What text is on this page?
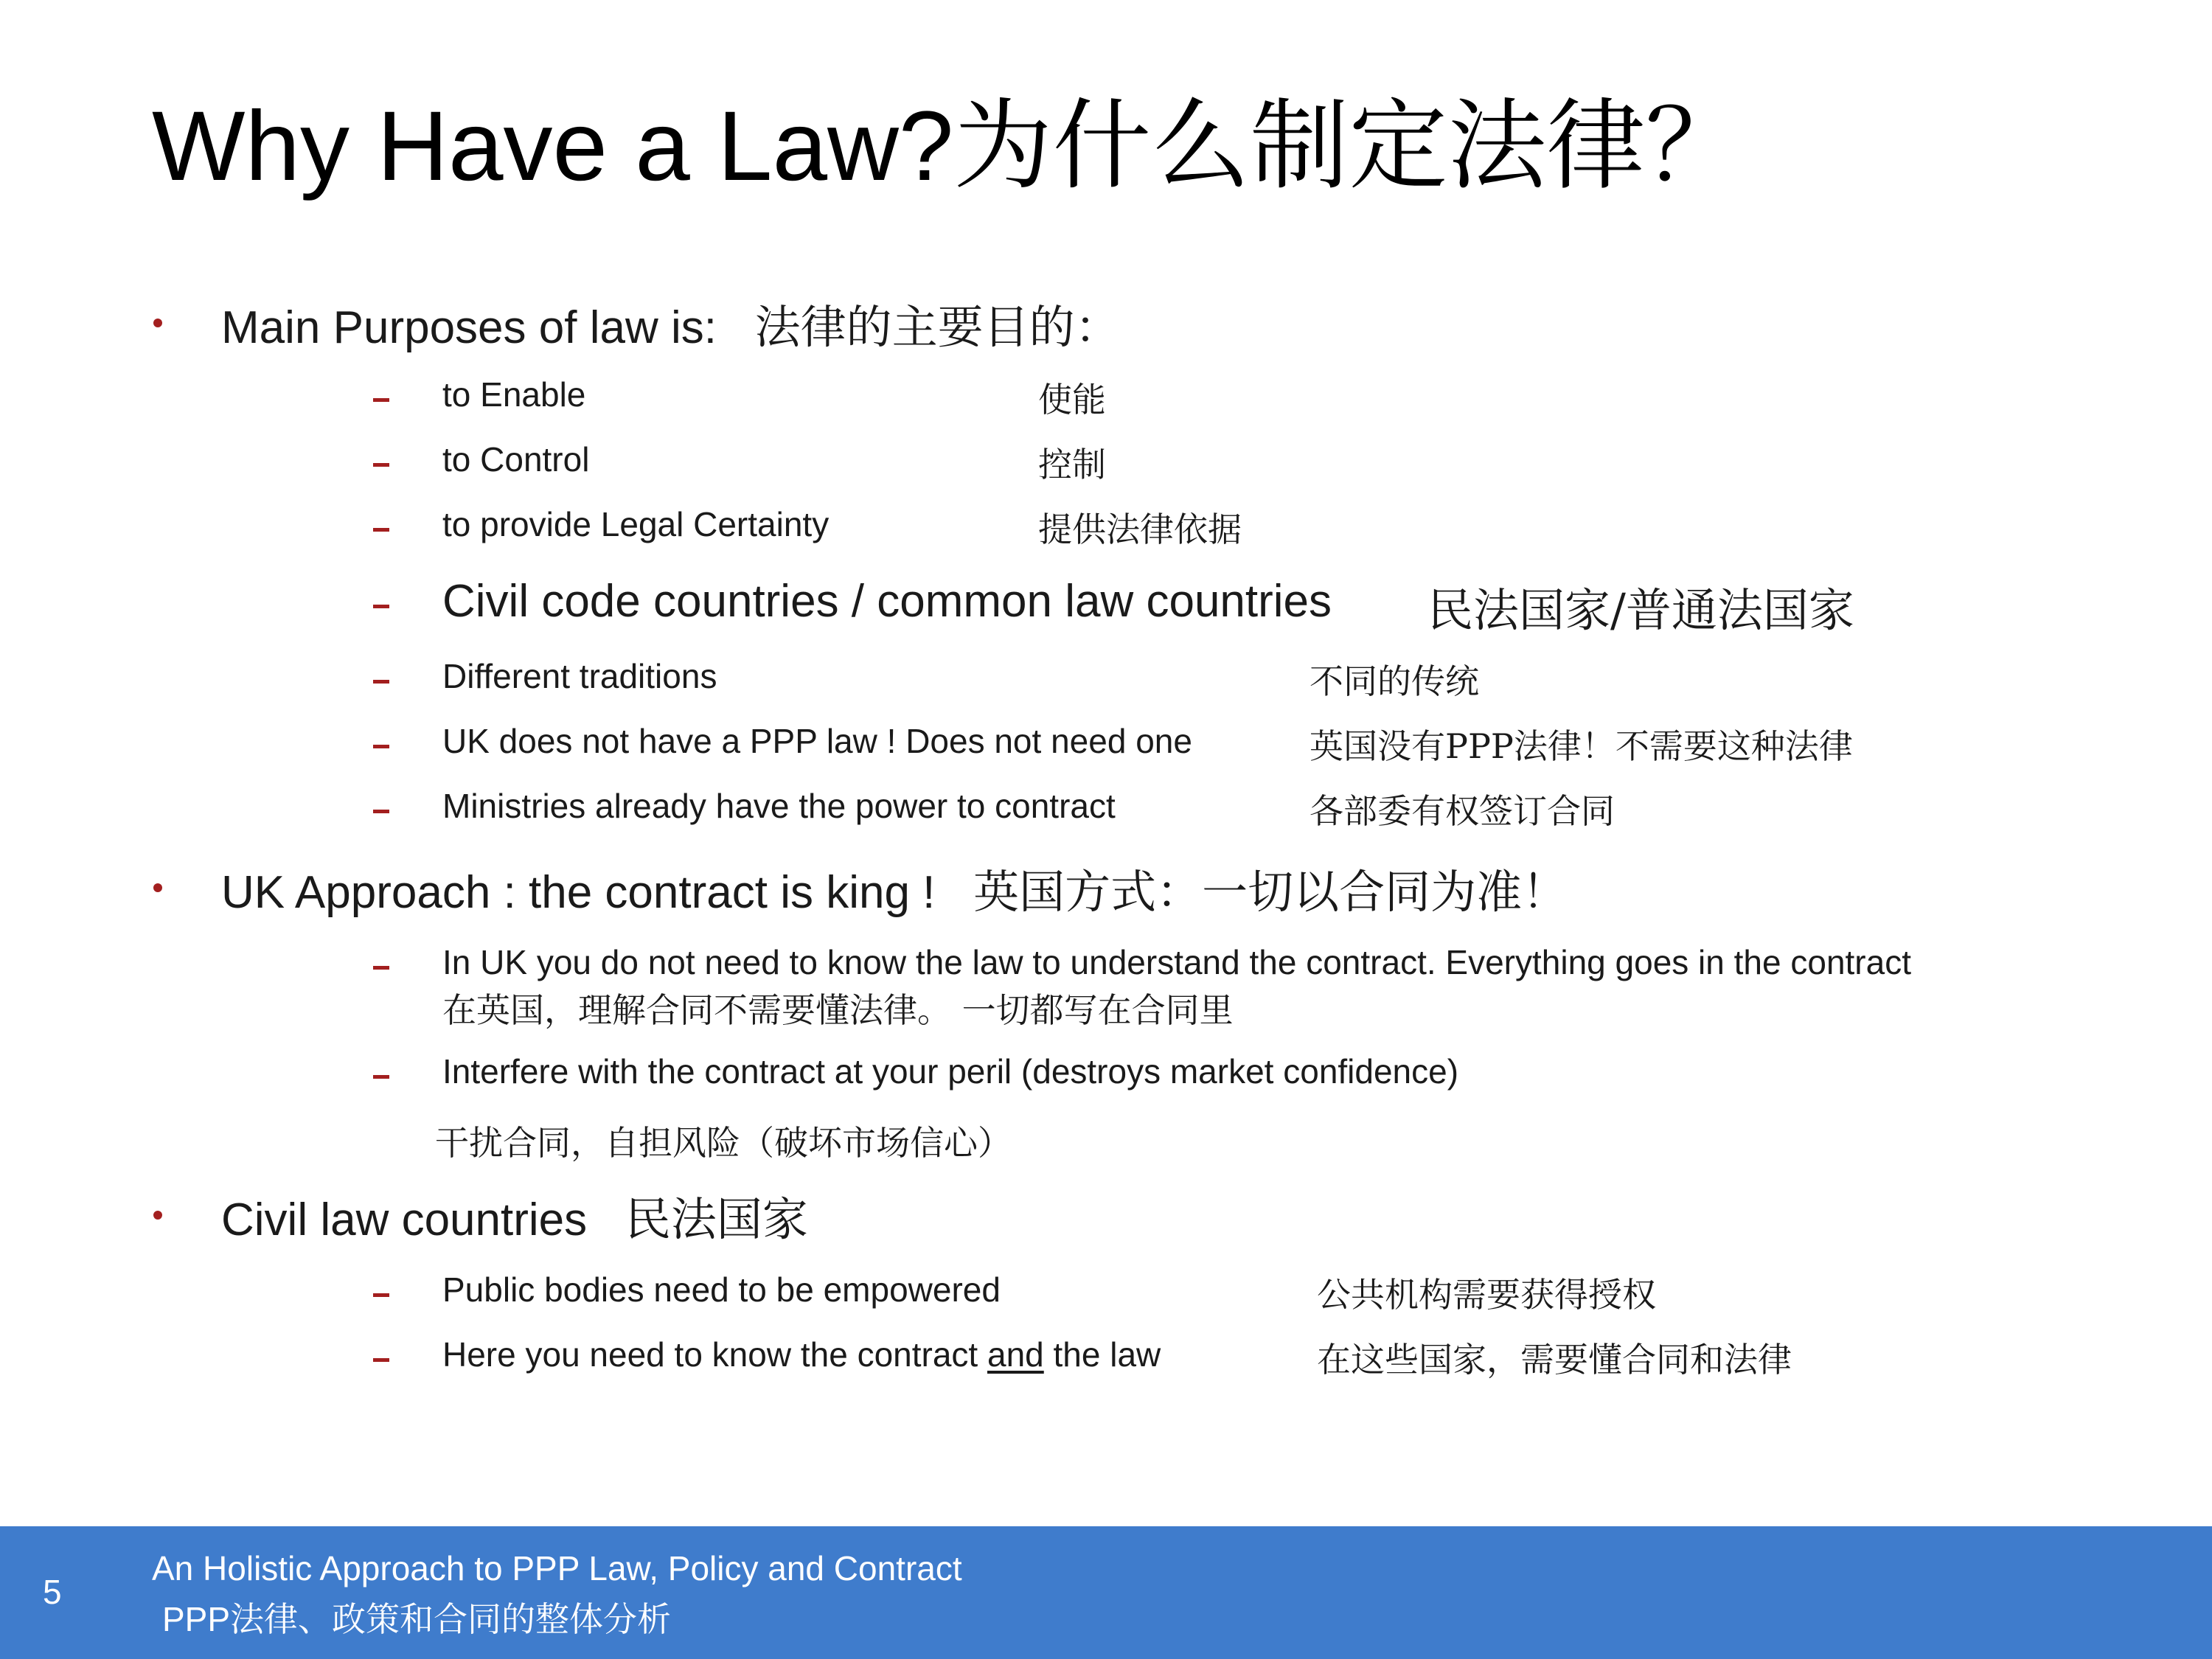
Why Have a Law?为什么制定法律？
Main Purposes of law is: 法律的主要目的：
to Enable	使能
to Control	控制
to provide Legal Certainty	提供法律依据
Civil code countries / common law countries 民法国家/普通法国家
Different traditions	不同的传统
UK does not have a PPP law ! Does not need one	英国没有PPP法律！不需要这种法律
Ministries already have the power to contract	各部委有权签订合同
UK Approach : the contract is king ! 英国方式：一切以合同为准！
In UK you do not need to know the law to understand the contract. Everything goes in the contract
在英国，理解合同不需要懂法律。 一切都写在合同里
Interfere with the contract at your peril (destroys market confidence)
干扰合同，自担风险（破坏市场信心）
Civil law countries 民法国家
Public bodies need to be empowered	公共机构需要获得授权
Here you need to know the contract and the law	在这些国家，需要懂合同和法律
5
An Holistic Approach to PPP Law, Policy and Contract
PPP法律、政策和合同的整体分析
